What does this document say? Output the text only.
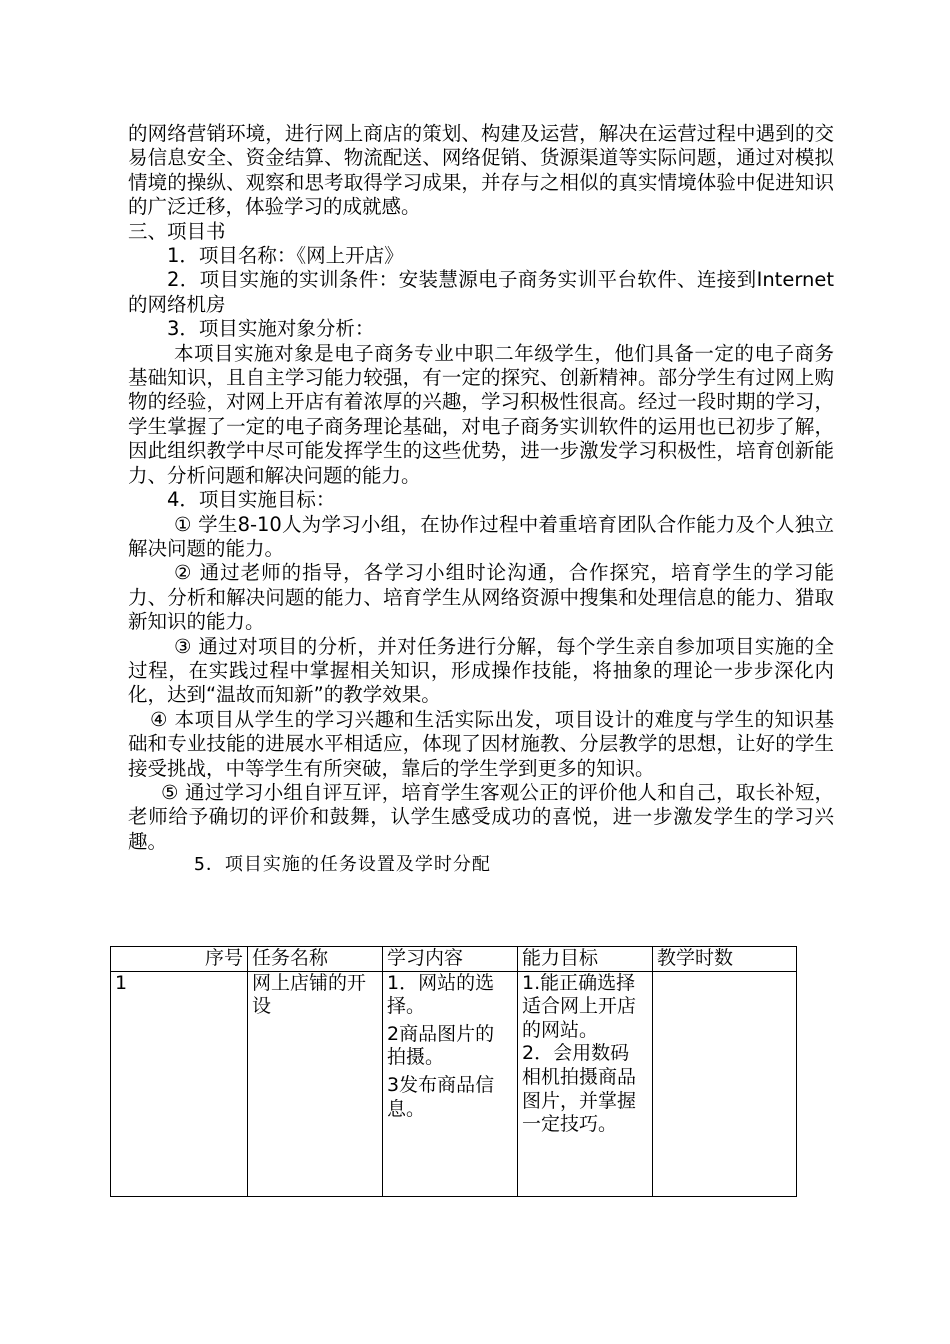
的网络营销环境，进行网上商店的策划、构建及运营，解决在运营过程中遇到的交易信息安全、资金结算、物流配送、网络促销、货源渠道等实际问题，通过对模拟情境的操纵、观察和思考取得学习成果，并存与之相似的真实情境体验中促进知识的广泛迁移，体验学习的成就感。

三、项目书

1．项目名称：《网上开店》

2．项目实施的实训条件：安装慧源电子商务实训平台软件、连接到Internet的网络机房

3．项目实施对象分析：

本项目实施对象是电子商务专业中职二年级学生，他们具备一定的电子商务基础知识，且自主学习能力较强，有一定的探究、创新精神。部分学生有过网上购物的经验，对网上开店有着浓厚的兴趣，学习积极性很高。经过一段时期的学习，学生掌握了一定的电子商务理论基础，对电子商务实训软件的运用也已初步了解，因此组织教学中尽可能发挥学生的这些优势，进一步激发学习积极性，培育创新能力、分析问题和解决问题的能力。

4．项目实施目标：

① 学生8-10人为学习小组，在协作过程中着重培育团队合作能力及个人独立解决问题的能力。

② 通过老师的指导，各学习小组时论沟通，合作探究，培育学生的学习能力、分析和解决问题的能力、培育学生从网络资源中搜集和处理信息的能力、猎取新知识的能力。

③ 通过对项目的分析，并对任务进行分解，每个学生亲自参加项目实施的全过程，在实践过程中掌握相关知识，形成操作技能，将抽象的理论一步步深化内化，达到“温故而知新”的教学效果。

④ 本项目从学生的学习兴趣和生活实际出发，项目设计的难度与学生的知识基础和专业技能的进展水平相适应，体现了因材施教、分层教学的思想，让好的学生接受挑战，中等学生有所突破，靠后的学生学到更多的知识。

⑤ 通过学习小组自评互评，培育学生客观公正的评价他人和自己，取长补短，老师给予确切的评价和鼓舞，认学生感受成功的喜悦，进一步激发学生的学习兴趣。

5．项目实施的任务设置及学时分配

序号	任务名称	学习内容	能力目标	教学时数
1	网上店铺的开设	1．网站的选择。
2商品图片的拍摄。
3发布商品信息。	1.能正确选择适合网上开店的网站。
2．会用数码相机拍摄商品图片，并掌握一定技巧。	
